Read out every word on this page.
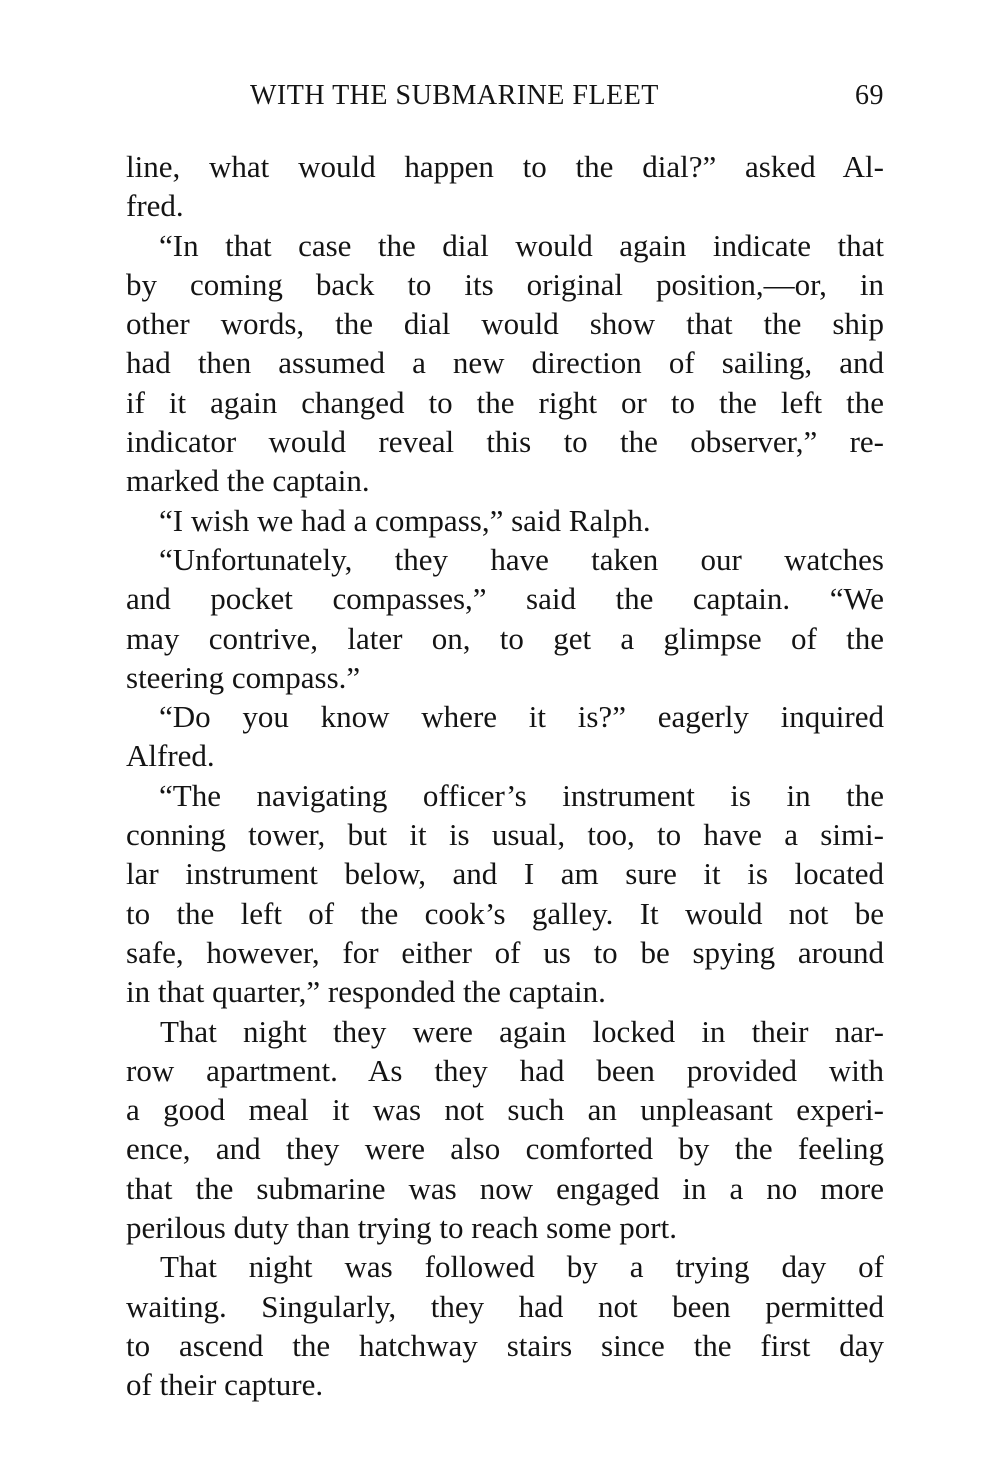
WITH THE SUBMARINE FLEET	69
line, what would happen to the dial?” asked Al-
fred.
“In that case the dial would again indicate that
by coming back to its original position,—or, in
other words, the dial would show that the ship
had then assumed a new direction of sailing, and
if it again changed to the right or to the left the
indicator would reveal this to the observer,” re-
marked the captain.
“I wish we had a compass,” said Ralph.
“Unfortunately, they have taken our watches
and pocket compasses,” said the captain. “We
may contrive, later on, to get a glimpse of the
steering compass.”
“Do you know where it is?” eagerly inquired
Alfred.
“The navigating officer’s instrument is in the
conning tower, but it is usual, too, to have a simi-
lar instrument below, and I am sure it is located
to the left of the cook’s galley. It would not be
safe, however, for either of us to be spying around
in that quarter,” responded the captain.
That night they were again locked in their nar-
row apartment. As they had been provided with
a good meal it was not such an unpleasant experi-
ence, and they were also comforted by the feeling
that the submarine was now engaged in a no more
perilous duty than trying to reach some port.
That night was followed by a trying day of
waiting. Singularly, they had not been permitted
to ascend the hatchway stairs since the first day
of their capture.
